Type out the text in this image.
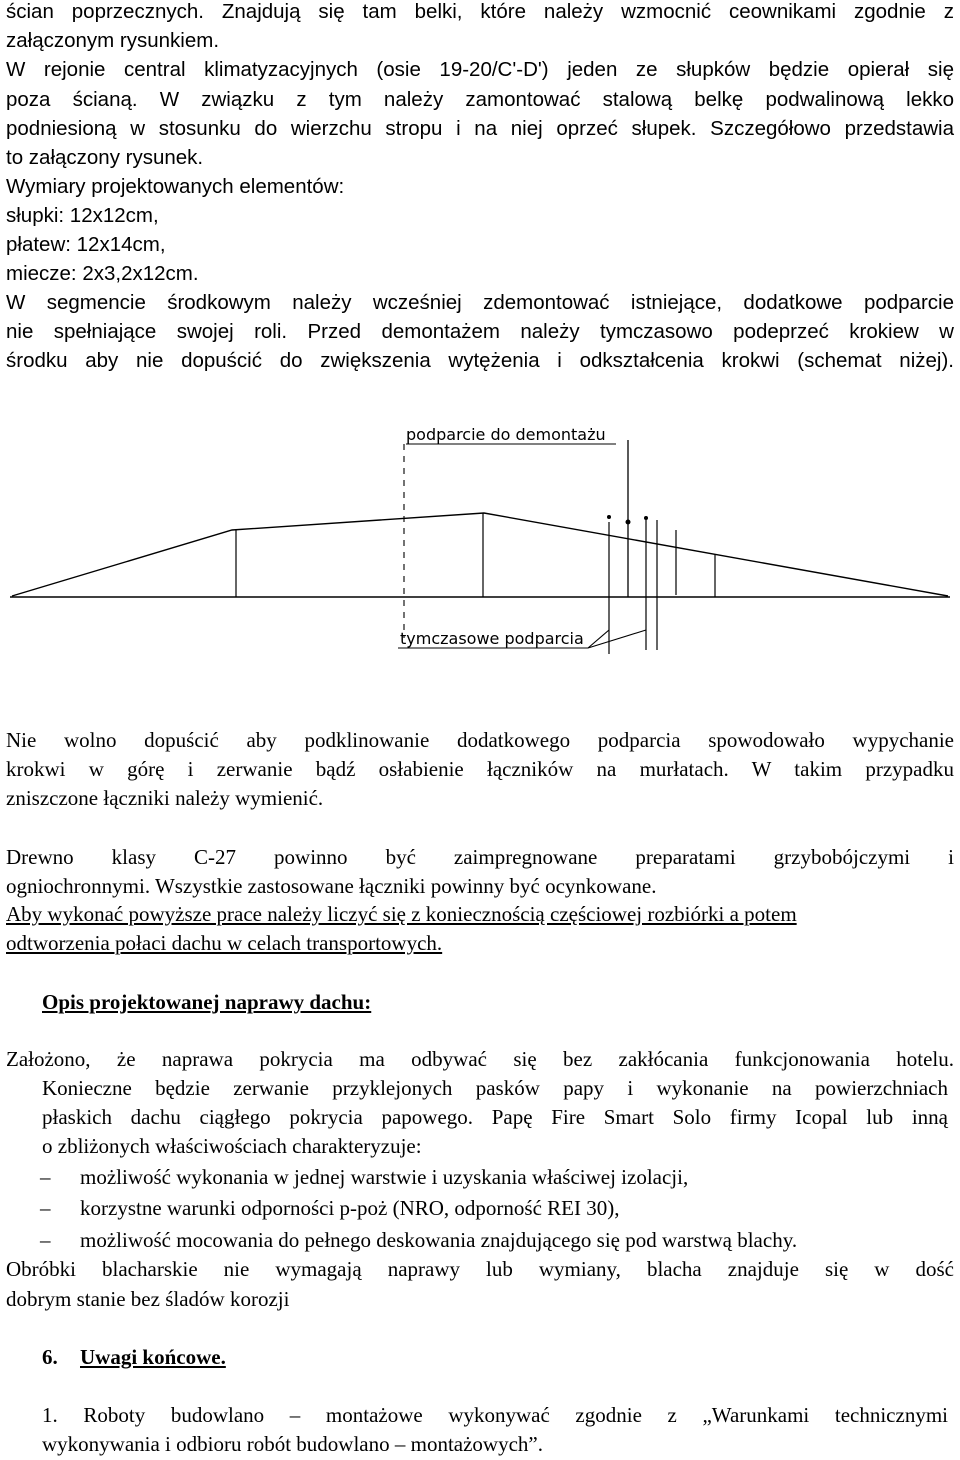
ścian poprzecznych. Znajdują się tam belki, które należy wzmocnić ceownikami zgodnie z

załączonym rysunkiem.

W rejonie central klimatyzacyjnych (osie 19-20/C'-D') jeden ze słupków będzie opierał się

poza ścianą. W związku z tym należy zamontować stalową belkę podwalinową lekko

podniesioną w stosunku do wierzchu stropu i na niej oprzeć słupek. Szczegółowo przedstawia

to załączony rysunek.

Wymiary projektowanych elementów:

słupki: 12x12cm,

płatew: 12x14cm,

miecze: 2x3,2x12cm.

W segmencie środkowym należy wcześniej zdemontować istniejące, dodatkowe podparcie

nie spełniające swojej roli. Przed demontażem należy tymczasowo podeprzeć krokiew w

środku aby nie dopuścić do zwiększenia wytężenia i odkształcenia krokwi (schemat niżej).

podparcie do demontażu
tymczasowe podparcia

Nie wolno dopuścić aby podklinowanie dodatkowego podparcia spowodowało wypychanie

krokwi w górę i zerwanie bądź osłabienie łączników na murłatach. W takim przypadku

zniszczone łączniki należy wymienić.

Drewno klasy C-27 powinno być zaimpregnowane preparatami grzybobójczymi i

ogniochronnymi. Wszystkie zastosowane łączniki powinny być ocynkowane.

Aby wykonać powyższe prace należy liczyć się z koniecznością częściowej rozbiórki a potem

odtworzenia połaci dachu w celach transportowych.

Opis projektowanej naprawy dachu:

Założono, że naprawa pokrycia ma odbywać się bez zakłócania funkcjonowania hotelu.

Konieczne będzie zerwanie przyklejonych pasków papy i wykonanie na powierzchniach

płaskich dachu ciągłego pokrycia papowego. Papę Fire Smart Solo firmy Icopal lub inną

o zbliżonych właściwościach charakteryzuje:

– możliwość wykonania w jednej warstwie i uzyskania właściwej izolacji,
– korzystne warunki odporności p-poż (NRO, odporność REI 30),
– możliwość mocowania do pełnego deskowania znajdującego się pod warstwą blachy.

Obróbki blacharskie nie wymagają naprawy lub wymiany, blacha znajduje się w dość

dobrym stanie bez śladów korozji

6. Uwagi końcowe.

1. Roboty budowlano – montażowe wykonywać zgodnie z „Warunkami technicznymi

wykonywania i odbioru robót budowlano – montażowych”.
